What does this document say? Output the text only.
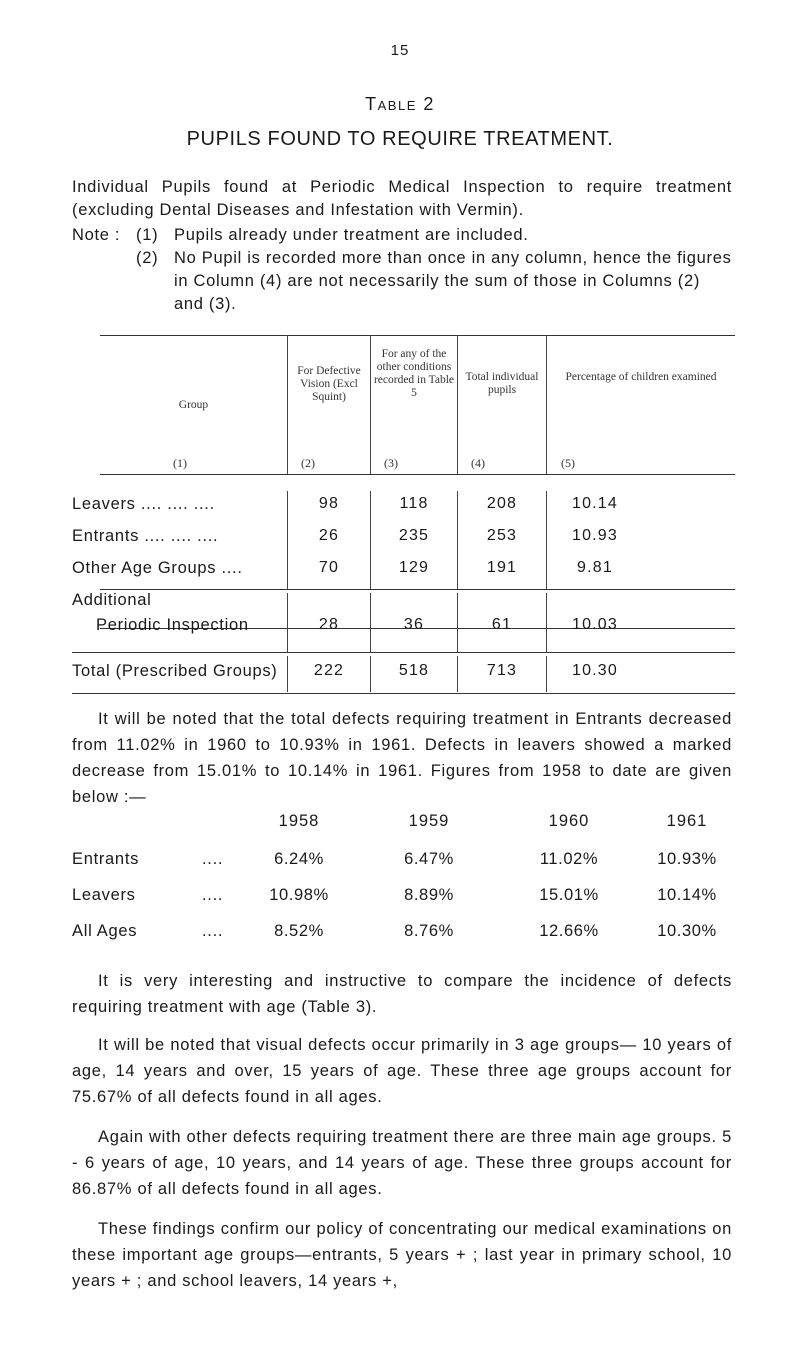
15
Table 2
PUPILS FOUND TO REQUIRE TREATMENT.

Individual Pupils found at Periodic Medical Inspection to require treatment (excluding Dental Diseases and Infestation with Vermin).

Note : (1) Pupils already under treatment are included.
(2) No Pupil is recorded more than once in any column, hence the figures in Column (4) are not necessarily the sum of those in Columns (2) and (3).
Group
For Defective Vision (Excl Squint)
For any of the other conditions recorded in Table 5
Total individual pupils
Percentage of children examined
(1)	(2)	(3)	(4)	(5)
Leavers .... .... ....	98	118	208	10.14
Entrants .... .... ....	26	235	253	10.93
Other Age Groups ....	70	129	191	9.81
Additional
Periodic Inspection	28	36	61	10.03
Total (Prescribed Groups)	222	518	713	10.30

It will be noted that the total defects requiring treatment in Entrants decreased from 11.02% in 1960 to 10.93% in 1961. Defects in leavers showed a marked decrease from 15.01% to 10.14% in 1961. Figures from 1958 to date are given below :—

1958	1959	1960	1961
Entrants	....	6.24%	6.47%	11.02%	10.93%
Leavers	....	10.98%	8.89%	15.01%	10.14%
All Ages	....	8.52%	8.76%	12.66%	10.30%

It is very interesting and instructive to compare the incidence of defects requiring treatment with age (Table 3).

It will be noted that visual defects occur primarily in 3 age groups— 10 years of age, 14 years and over, 15 years of age. These three age groups account for 75.67% of all defects found in all ages.

Again with other defects requiring treatment there are three main age groups. 5 - 6 years of age, 10 years, and 14 years of age. These three groups account for 86.87% of all defects found in all ages.

These findings confirm our policy of concentrating our medical examinations on these important age groups—entrants, 5 years + ; last year in primary school, 10 years + ; and school leavers, 14 years +,
